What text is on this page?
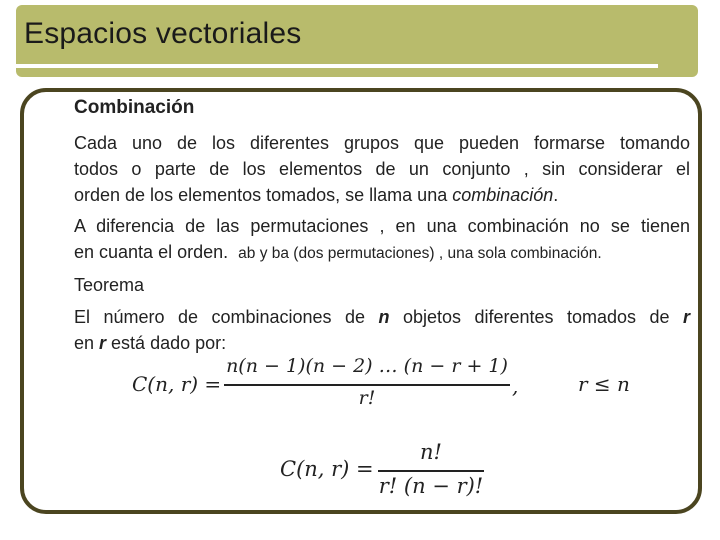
Espacios vectoriales
Combinación
Cada uno de los diferentes grupos que pueden formarse tomando
todos o parte de los elementos de un conjunto , sin considerar el
orden de los elementos tomados, se llama una combinación.
A diferencia de las permutaciones , en una combinación no se tienen
en cuanta el orden. ab y ba (dos permutaciones) , una sola combinación.
Teorema
El número de combinaciones de n objetos diferentes tomados de r
en r está dado por:
C(n, r) =
n(n − 1)(n − 2) … (n − r + 1)
r!	,	r ≤ n
C(n, r) =
n!
r! (n − r)!
